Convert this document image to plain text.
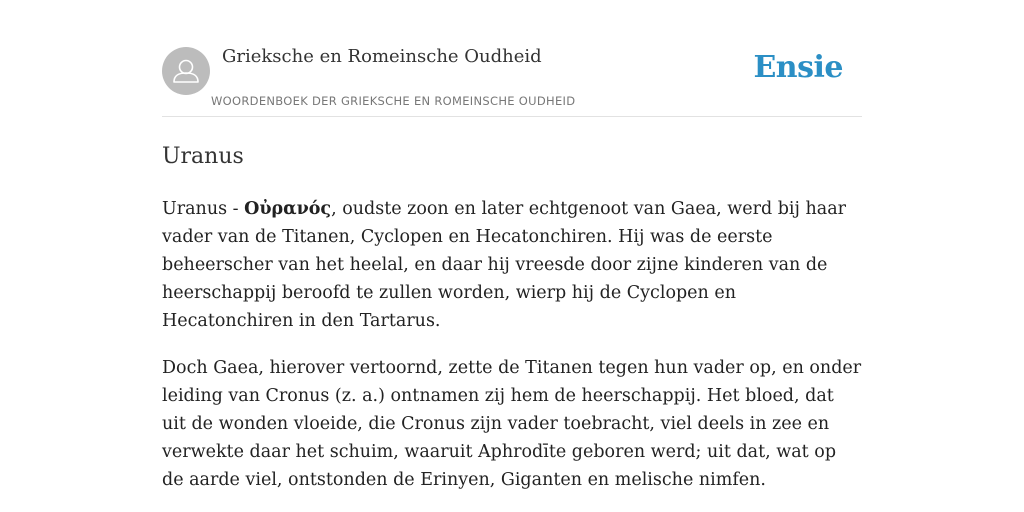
Grieksche en Romeinsche Oudheid
WOORDENBOEK DER GRIEKSCHE EN ROMEINSCHE OUDHEID
Ensie
Uranus

Uranus - Οὐρανός, oudste zoon en later echtgenoot van Gaea, werd bij haar vader van de Titanen, Cyclopen en Hecatonchiren. Hij was de eerste beheerscher van het heelal, en daar hij vreesde door zijne kinderen van de heerschappij beroofd te zullen worden, wierp hij de Cyclopen en Hecatonchiren in den Tartarus.

Doch Gaea, hierover vertoornd, zette de Titanen tegen hun vader op, en onder leiding van Cronus (z. a.) ontnamen zij hem de heerschappij. Het bloed, dat uit de wonden vloeide, die Cronus zijn vader toebracht, viel deels in zee en verwekte daar het schuim, waaruit Aphrodīte geboren werd; uit dat, wat op de aarde viel, ontstonden de Erinyen, Giganten en melische nimfen.
